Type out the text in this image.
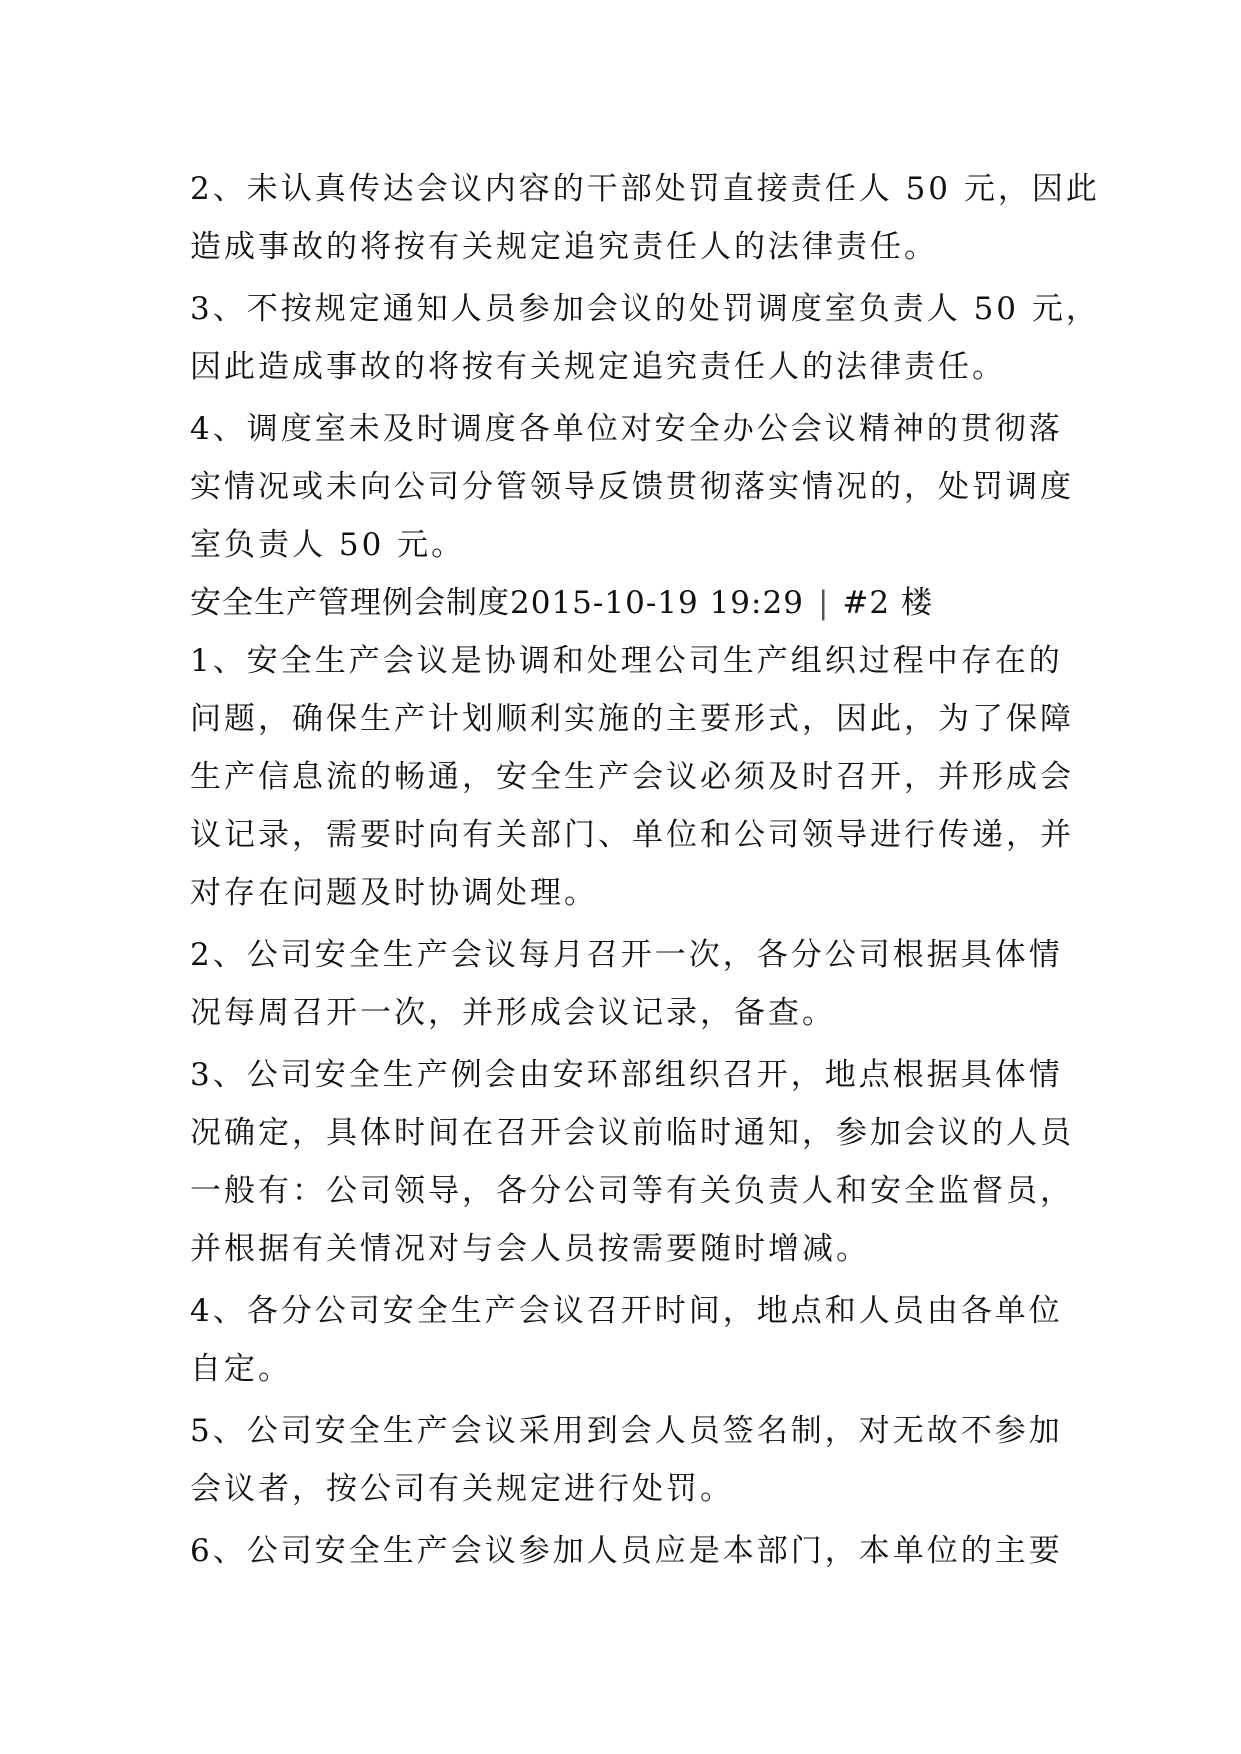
2、未认真传达会议内容的干部处罚直接责任人 50 元，因此
造成事故的将按有关规定追究责任人的法律责任。
3、不按规定通知人员参加会议的处罚调度室负责人 50 元，
因此造成事故的将按有关规定追究责任人的法律责任。
4、调度室未及时调度各单位对安全办公会议精神的贯彻落
实情况或未向公司分管领导反馈贯彻落实情况的，处罚调度
室负责人 50 元。
安全生产管理例会制度2015-10-19 19:29 | #2 楼
1、安全生产会议是协调和处理公司生产组织过程中存在的
问题，确保生产计划顺利实施的主要形式，因此，为了保障
生产信息流的畅通，安全生产会议必须及时召开，并形成会
议记录，需要时向有关部门、单位和公司领导进行传递，并
对存在问题及时协调处理。
2、公司安全生产会议每月召开一次，各分公司根据具体情
况每周召开一次，并形成会议记录，备查。
3、公司安全生产例会由安环部组织召开，地点根据具体情
况确定，具体时间在召开会议前临时通知，参加会议的人员
一般有：公司领导，各分公司等有关负责人和安全监督员，
并根据有关情况对与会人员按需要随时增减。
4、各分公司安全生产会议召开时间，地点和人员由各单位
自定。
5、公司安全生产会议采用到会人员签名制，对无故不参加
会议者，按公司有关规定进行处罚。
6、公司安全生产会议参加人员应是本部门，本单位的主要
